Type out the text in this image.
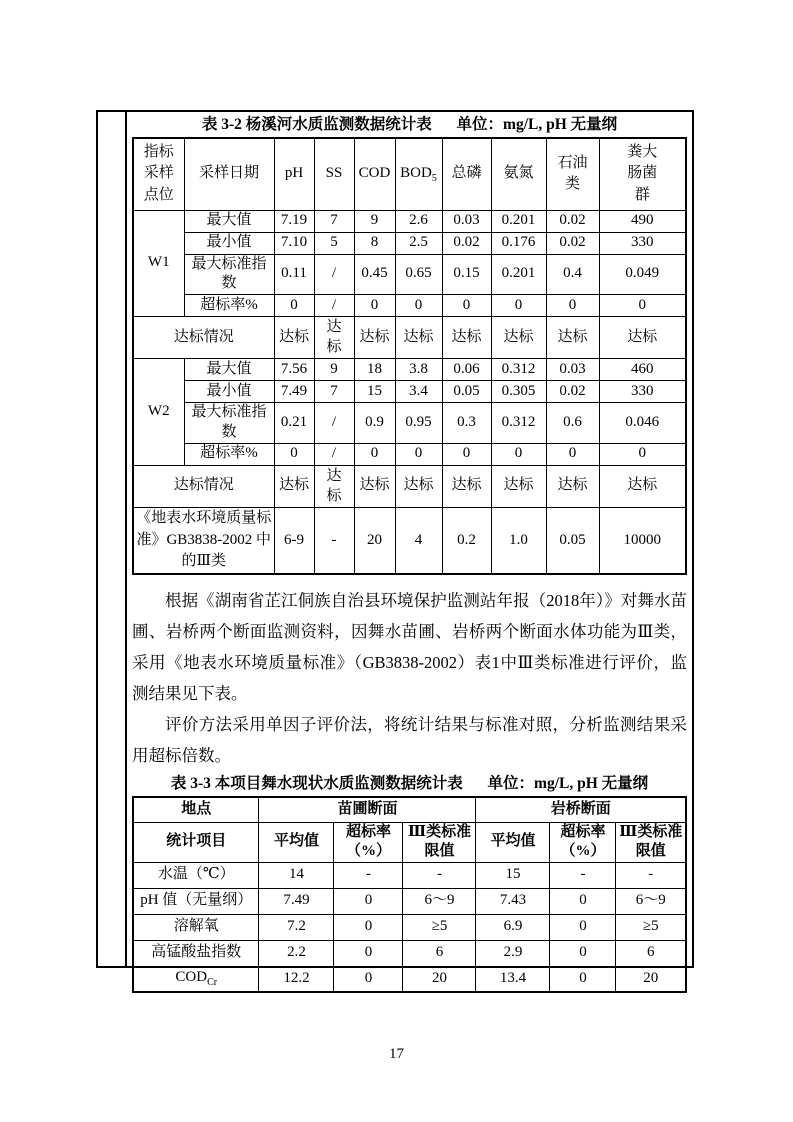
表 3-2 杨溪河水质监测数据统计表 单位：mg/L, pH 无量纲
指标采样点位	采样日期	pH	SS	COD	$BOD_5$	总磷	氨氮	石油类	粪大肠菌群
W1	最大值	7.19	7	9	2.6	0.03	0.201	0.02	490
	最小值	7.10	5	8	2.5	0.02	0.176	0.02	330
	最大标准指数	0.11	/	0.45	0.65	0.15	0.201	0.4	0.049
	超标率%	0	/	0	0	0	0	0	0
达标情况		达标	达标	达标	达标	达标	达标	达标	达标
W2	最大值	7.56	9	18	3.8	0.06	0.312	0.03	460
	最小值	7.49	7	15	3.4	0.05	0.305	0.02	330
	最大标准指数	0.21	/	0.9	0.95	0.3	0.312	0.6	0.046
	超标率%	0	/	0	0	0	0	0	0
达标情况		达标	达标	达标	达标	达标	达标	达标	达标
《地表水环境质量标准》GB3838-2002 中的Ⅲ类		6-9	-	20	4	0.2	1.0	0.05	10000

根据《湖南省芷江侗族自治县环境保护监测站年报（2018年）》对舞水苗圃、岩桥两个断面监测资料，因舞水苗圃、岩桥两个断面水体功能为Ⅲ类，采用《地表水环境质量标准》（GB3838-2002）表1中Ⅲ类标准进行评价，监测结果见下表。

评价方法采用单因子评价法，将统计结果与标准对照，分析监测结果采用超标倍数。

表 3-3 本项目舞水现状水质监测数据统计表 单位：mg/L, pH 无量纲
地点	苗圃断面			岩桥断面		
统计项目	平均值	超标率（%）	Ⅲ类标准限值	平均值	超标率（%）	Ⅲ类标准限值
水温（℃）	14	-	-	15	-	-
pH 值（无量纲）	7.49	0	6～9	7.43	0	6～9
溶解氧	7.2	0	≥5	6.9	0	≥5
高锰酸盐指数	2.2	0	6	2.9	0	6
$COD_{Cr}$	12.2	0	20	13.4	0	20
17
